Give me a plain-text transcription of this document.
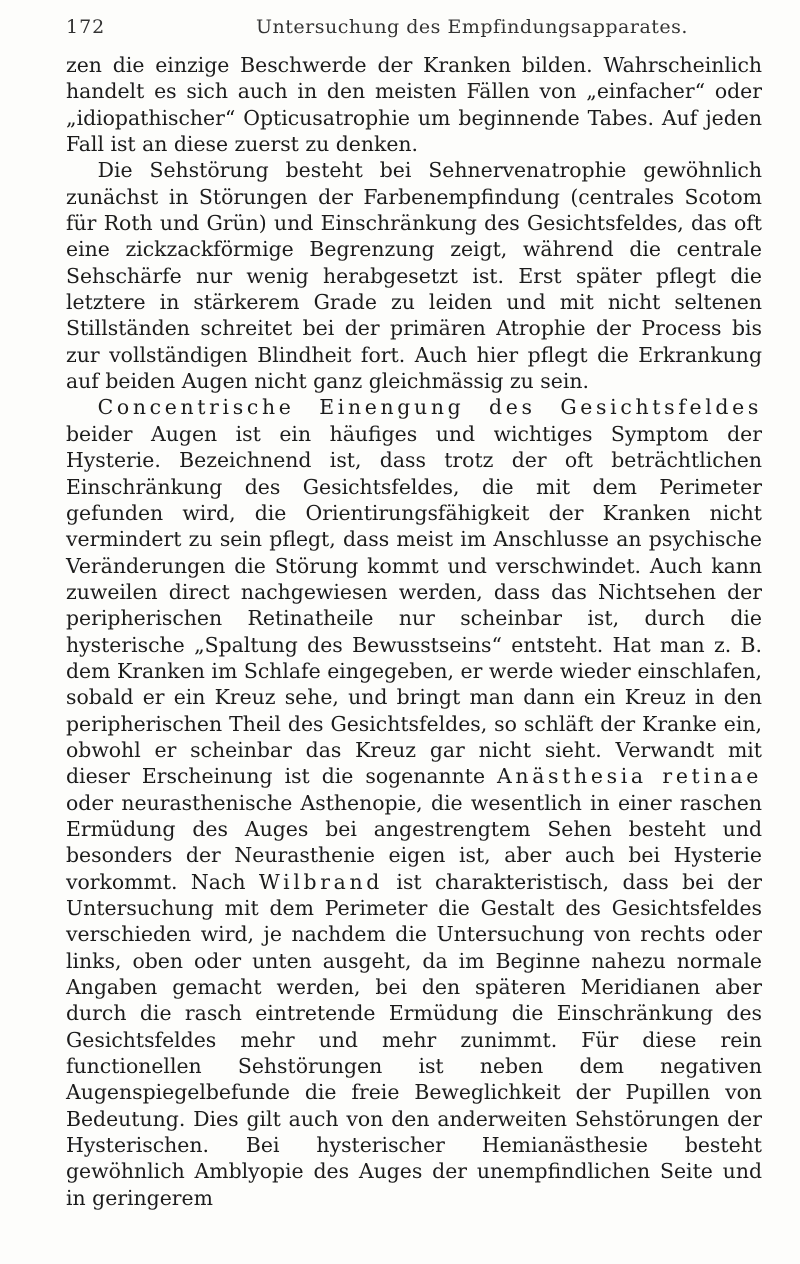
172	Untersuchung des Empfindungsapparates.

zen die einzige Beschwerde der Kranken bilden. Wahrscheinlich handelt es sich auch in den meisten Fällen von „einfacher“ oder „idiopathischer“ Opticusatrophie um beginnende Tabes. Auf jeden Fall ist an diese zuerst zu denken.

Die Sehstörung besteht bei Sehnervenatrophie gewöhnlich zunächst in Störungen der Farbenempfindung (centrales Scotom für Roth und Grün) und Einschränkung des Gesichtsfeldes, das oft eine zickzackförmige Begrenzung zeigt, während die centrale Sehschärfe nur wenig herabgesetzt ist. Erst später pflegt die letztere in stärkerem Grade zu leiden und mit nicht seltenen Stillständen schreitet bei der primären Atrophie der Process bis zur vollständigen Blindheit fort. Auch hier pflegt die Erkrankung auf beiden Augen nicht ganz gleichmässig zu sein.

Concentrische Einengung des Gesichtsfeldes beider Augen ist ein häufiges und wichtiges Symptom der Hysterie. Bezeichnend ist, dass trotz der oft beträchtlichen Einschränkung des Gesichtsfeldes, die mit dem Perimeter gefunden wird, die Orientirungsfähigkeit der Kranken nicht vermindert zu sein pflegt, dass meist im Anschlusse an psychische Veränderungen die Störung kommt und verschwindet. Auch kann zuweilen direct nachgewiesen werden, dass das Nichtsehen der peripherischen Retinatheile nur scheinbar ist, durch die hysterische „Spaltung des Bewusstseins“ entsteht. Hat man z. B. dem Kranken im Schlafe eingegeben, er werde wieder einschlafen, sobald er ein Kreuz sehe, und bringt man dann ein Kreuz in den peripherischen Theil des Gesichtsfeldes, so schläft der Kranke ein, obwohl er scheinbar das Kreuz gar nicht sieht. Verwandt mit dieser Erscheinung ist die sogenannte Anästhesia retinae oder neurasthenische Asthenopie, die wesentlich in einer raschen Ermüdung des Auges bei angestrengtem Sehen besteht und besonders der Neurasthenie eigen ist, aber auch bei Hysterie vorkommt. Nach Wilbrand ist charakteristisch, dass bei der Untersuchung mit dem Perimeter die Gestalt des Gesichtsfeldes verschieden wird, je nachdem die Untersuchung von rechts oder links, oben oder unten ausgeht, da im Beginne nahezu normale Angaben gemacht werden, bei den späteren Meridianen aber durch die rasch eintretende Ermüdung die Einschränkung des Gesichtsfeldes mehr und mehr zunimmt. Für diese rein functionellen Sehstörungen ist neben dem negativen Augenspiegelbefunde die freie Beweglichkeit der Pupillen von Bedeutung. Dies gilt auch von den anderweiten Sehstörungen der Hysterischen. Bei hysterischer Hemianästhesie besteht gewöhnlich Amblyopie des Auges der unempfindlichen Seite und in geringerem
